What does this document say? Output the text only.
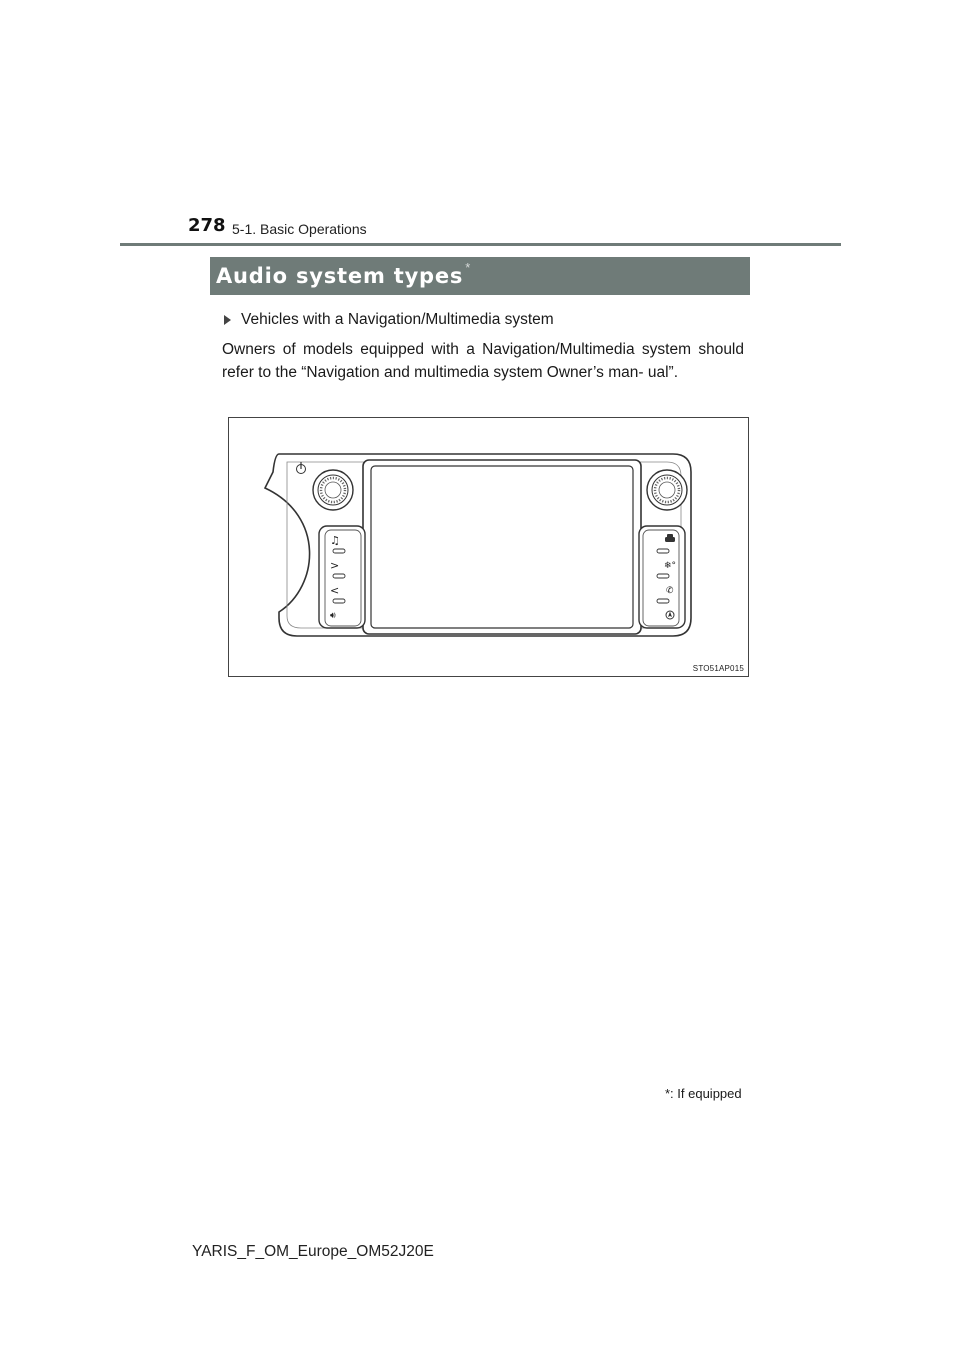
278 5-1. Basic Operations
Audio system types *
Vehicles with a Navigation/Multimedia system

Owners of models equipped with a Navigation/Multimedia system should refer to the “Navigation and multimedia system Owner’s man- ual”.

♫
>
<
🔊︎
❄°
✆
STO51AP015
*: If equipped
YARIS_F_OM_Europe_OM52J20E
